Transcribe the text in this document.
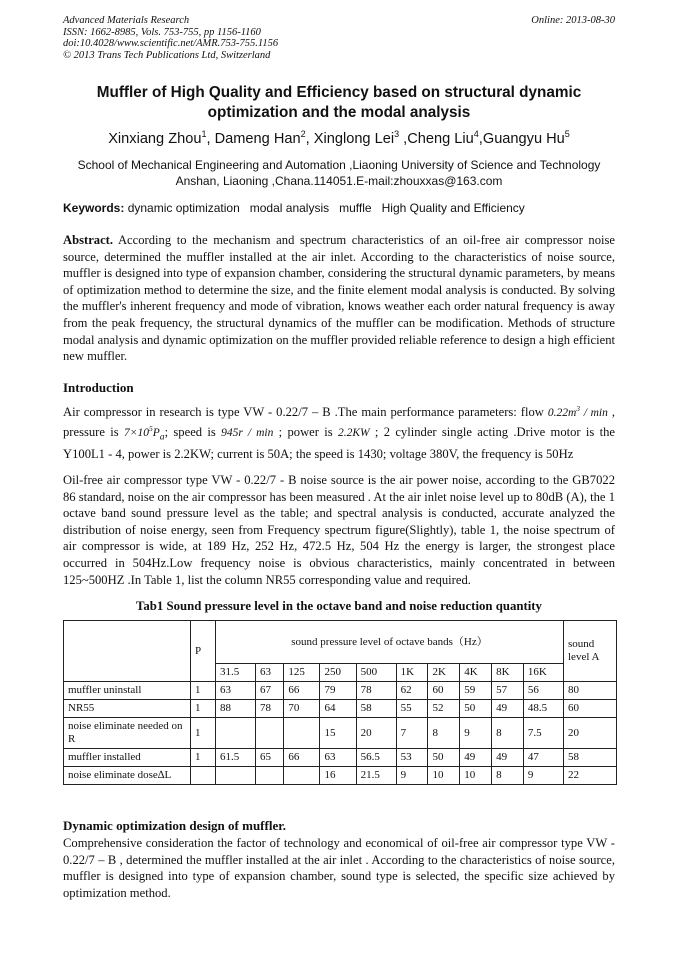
Advanced Materials Research
ISSN: 1662-8985, Vols. 753-755, pp 1156-1160
doi:10.4028/www.scientific.net/AMR.753-755.1156
© 2013 Trans Tech Publications Ltd, Switzerland
Online: 2013-08-30
Muffler of High Quality and Efficiency based on structural dynamic
optimization and the modal analysis
Xinxiang Zhou$^1$, Dameng Han$^2$, Xinglong Lei$^3$ ,Cheng Liu$^4$,Guangyu Hu$^5$
School of Mechanical Engineering and Automation ,Liaoning University of Science and Technology
Anshan, Liaoning ,Chana.114051.E-mail:zhouxxas@163.com
Keywords: dynamic optimization modal analysis muffle High Quality and Efficiency
Abstract. According to the mechanism and spectrum characteristics of an oil-free air compressor noise source, determined the muffler installed at the air inlet. According to the characteristics of noise source, muffler is designed into type of expansion chamber, considering the structural dynamic parameters, by means of optimization method to determine the size, and the finite element modal analysis is conducted. By solving the muffler's inherent frequency and mode of vibration, knows weather each order natural frequency is away from the peak frequency, the structural dynamics of the muffler can be modification. Methods of structure modal analysis and dynamic optimization on the muffler provided reliable reference to design a high efficient new muffler.
Introduction
Air compressor in research is type VW - 0.22/7 – B .The main performance parameters: flow $0.22m^3$ / min , pressure is $7\times 10^5P_a$; speed is 945r / min ; power is 2.2KW ; 2 cylinder single acting .Drive motor is the Y100L1 - 4, power is 2.2KW; current is 50A; the speed is 1430; voltage 380V, the frequency is 50Hz
Oil-free air compressor type VW - 0.22/7 - B noise source is the air power noise, according to the GB7022 86 standard, noise on the air compressor has been measured . At the air inlet noise level up to 80dB (A), the 1 octave band sound pressure level as the table; and spectral analysis is conducted, accurate analyzed the distribution of noise energy, seen from Frequency spectrum figure(Slightly), table 1, the noise spectrum of air compressor is wide, at 189 Hz, 252 Hz, 472.5 Hz, 504 Hz the energy is larger, the strongest place occurred in 504Hz.Low frequency noise is obvious characteristics, mainly concentrated in between 125~500HZ .In Table 1, list the column NR55 corresponding value and required.
Tab1 Sound pressure level in the octave band and noise reduction quantity
	P	sound pressure level of octave bands（Hz）										sound level A
		31.5	63	125	250	500	1K	2K	4K	8K	16K	
muffler uninstall	1	63	67	66	79	78	62	60	59	57	56	80
NR55	1	88	78	70	64	58	55	52	50	49	48.5	60
noise eliminate needed on R	1				15	20	7	8	9	8	7.5	20
muffler installed	1	61.5	65	66	63	56.5	53	50	49	49	47	58
noise eliminate dose∆L					16	21.5	9	10	10	8	9	22
Dynamic optimization design of muffler.
Comprehensive consideration the factor of technology and economical of oil-free air compressor type VW - 0.22/7 – B , determined the muffler installed at the air inlet . According to the characteristics of noise source, muffler is designed into type of expansion chamber, sound type is selected, the specific size achieved by optimization method.
